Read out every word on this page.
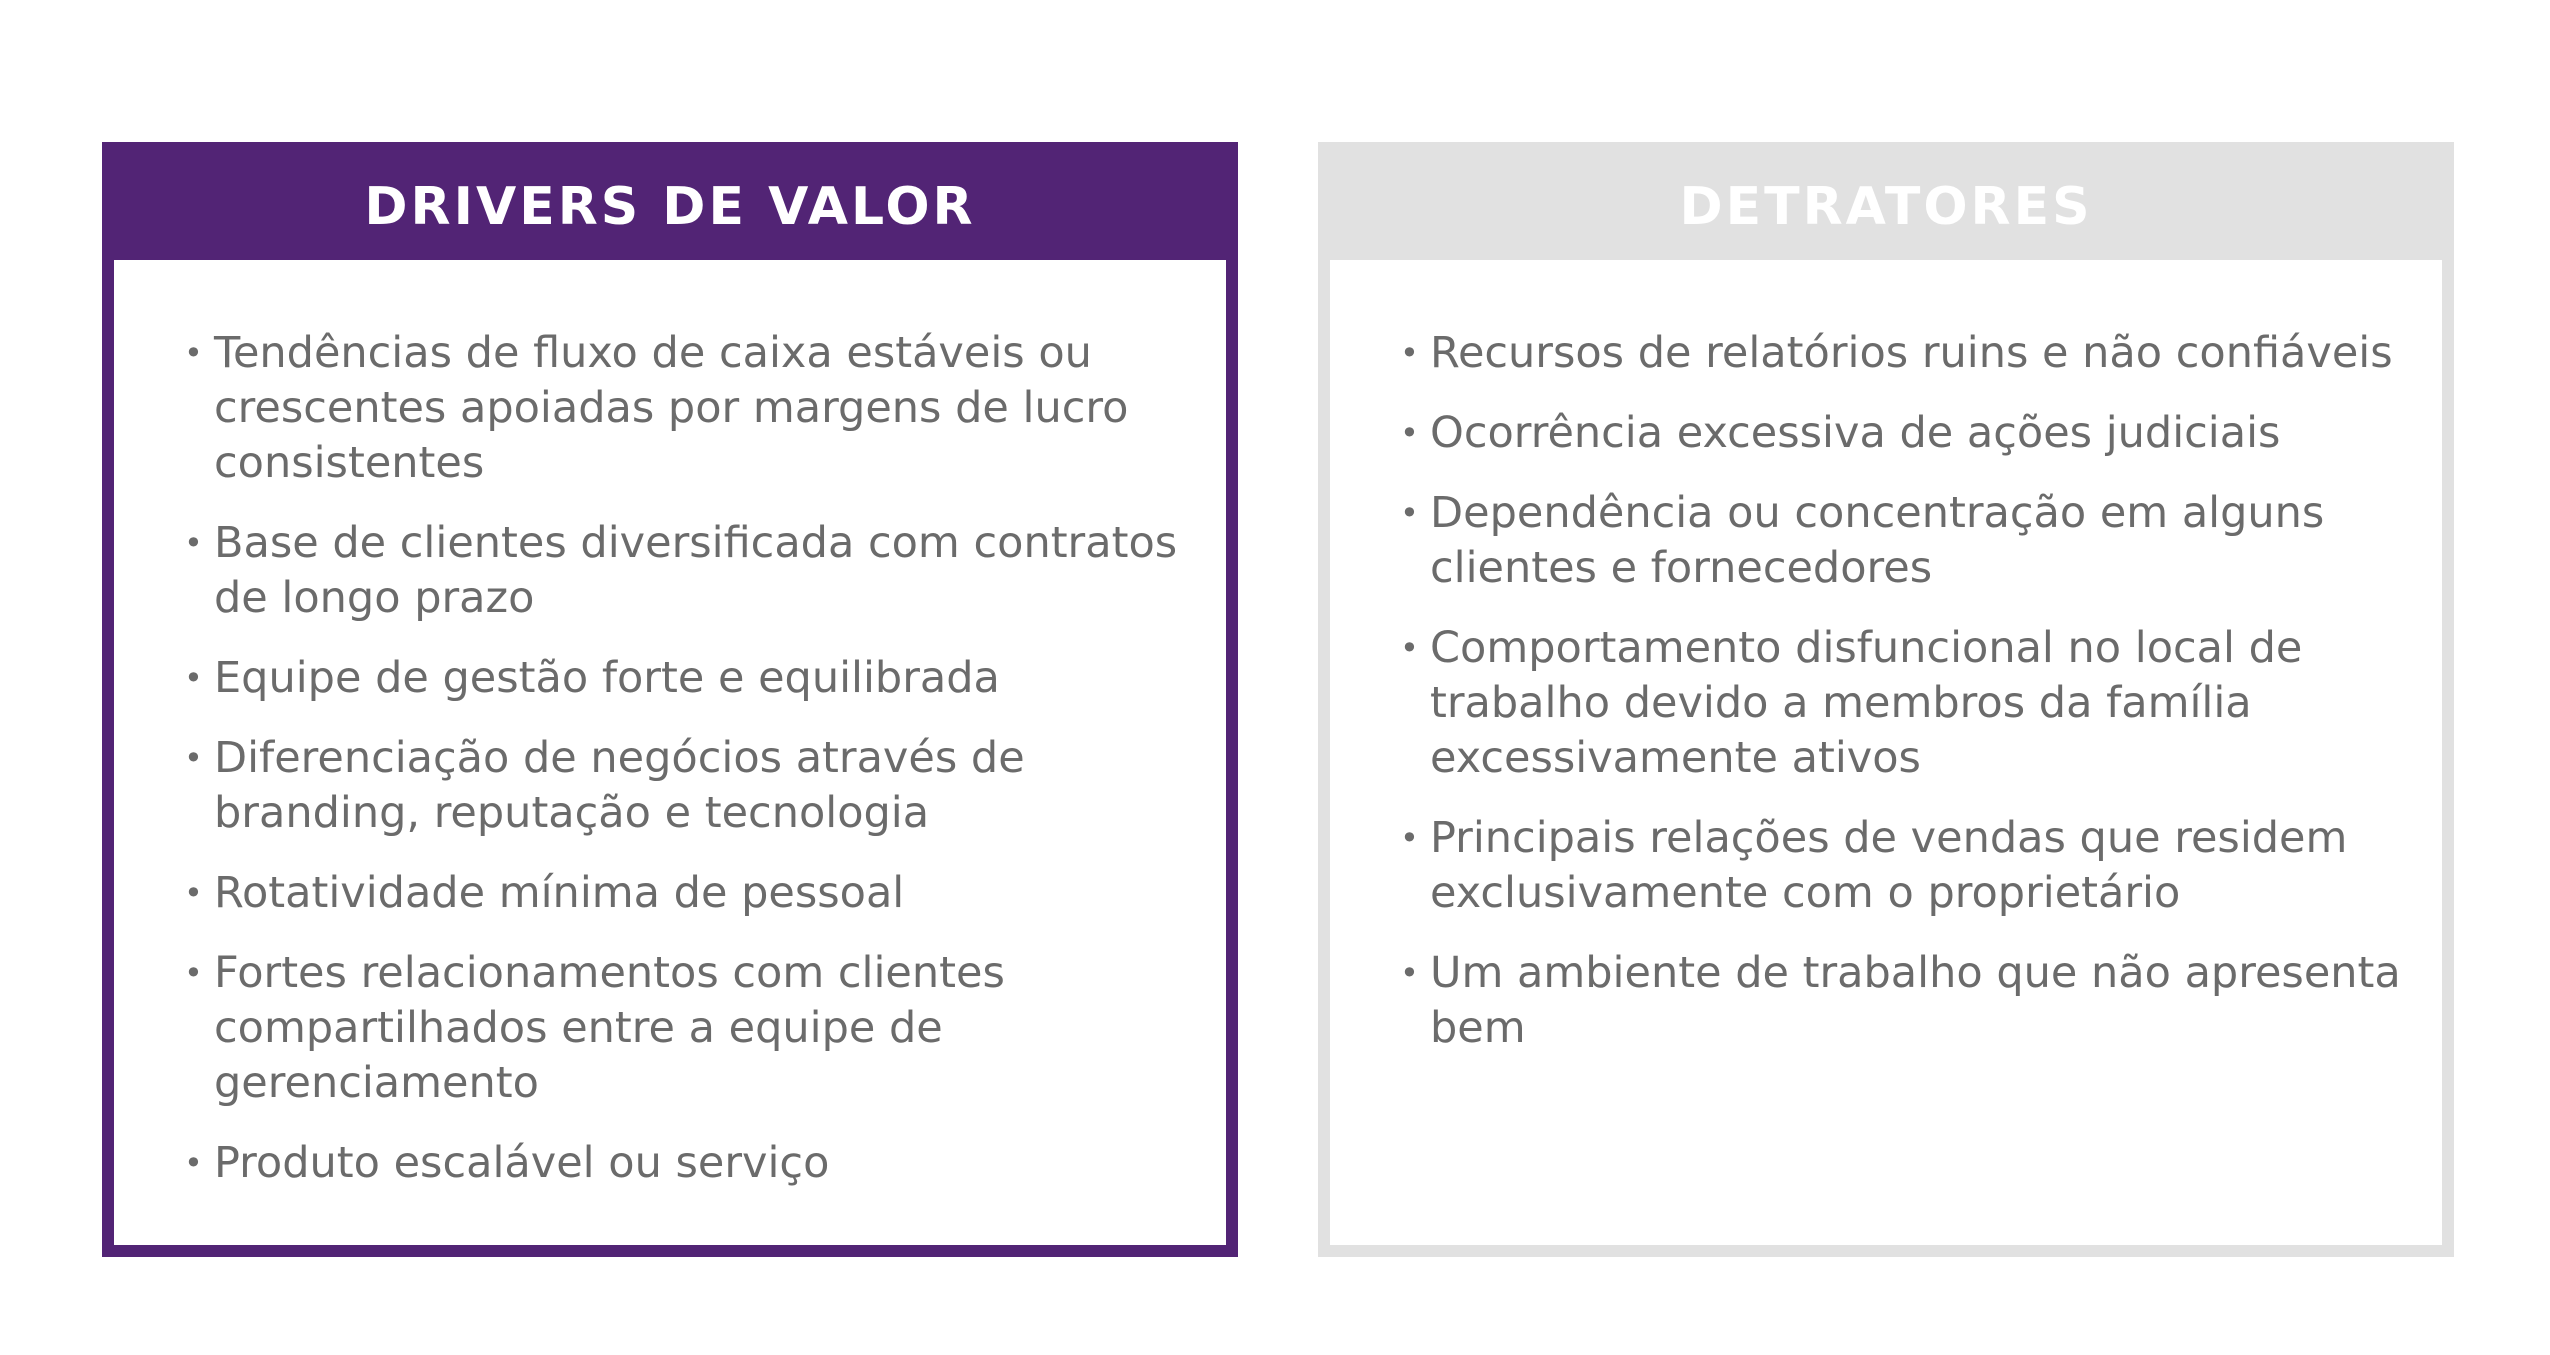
DRIVERS DE VALOR
• Tendências de fluxo de caixa estáveis ou crescentes apoiadas por margens de lucro consistentes
• Base de clientes diversificada com contratos de longo prazo
• Equipe de gestão forte e equilibrada
• Diferenciação de negócios através de branding, reputação e tecnologia
• Rotatividade mínima de pessoal
• Fortes relacionamentos com clientes compartilhados entre a equipe de gerenciamento
• Produto escalável ou serviço
DETRATORES
• Recursos de relatórios ruins e não confiáveis
• Ocorrência excessiva de ações judiciais
• Dependência ou concentração em alguns clientes e fornecedores
• Comportamento disfuncional no local de trabalho devido a membros da família excessivamente ativos
• Principais relações de vendas que residem exclusivamente com o proprietário
• Um ambiente de trabalho que não apresenta bem
